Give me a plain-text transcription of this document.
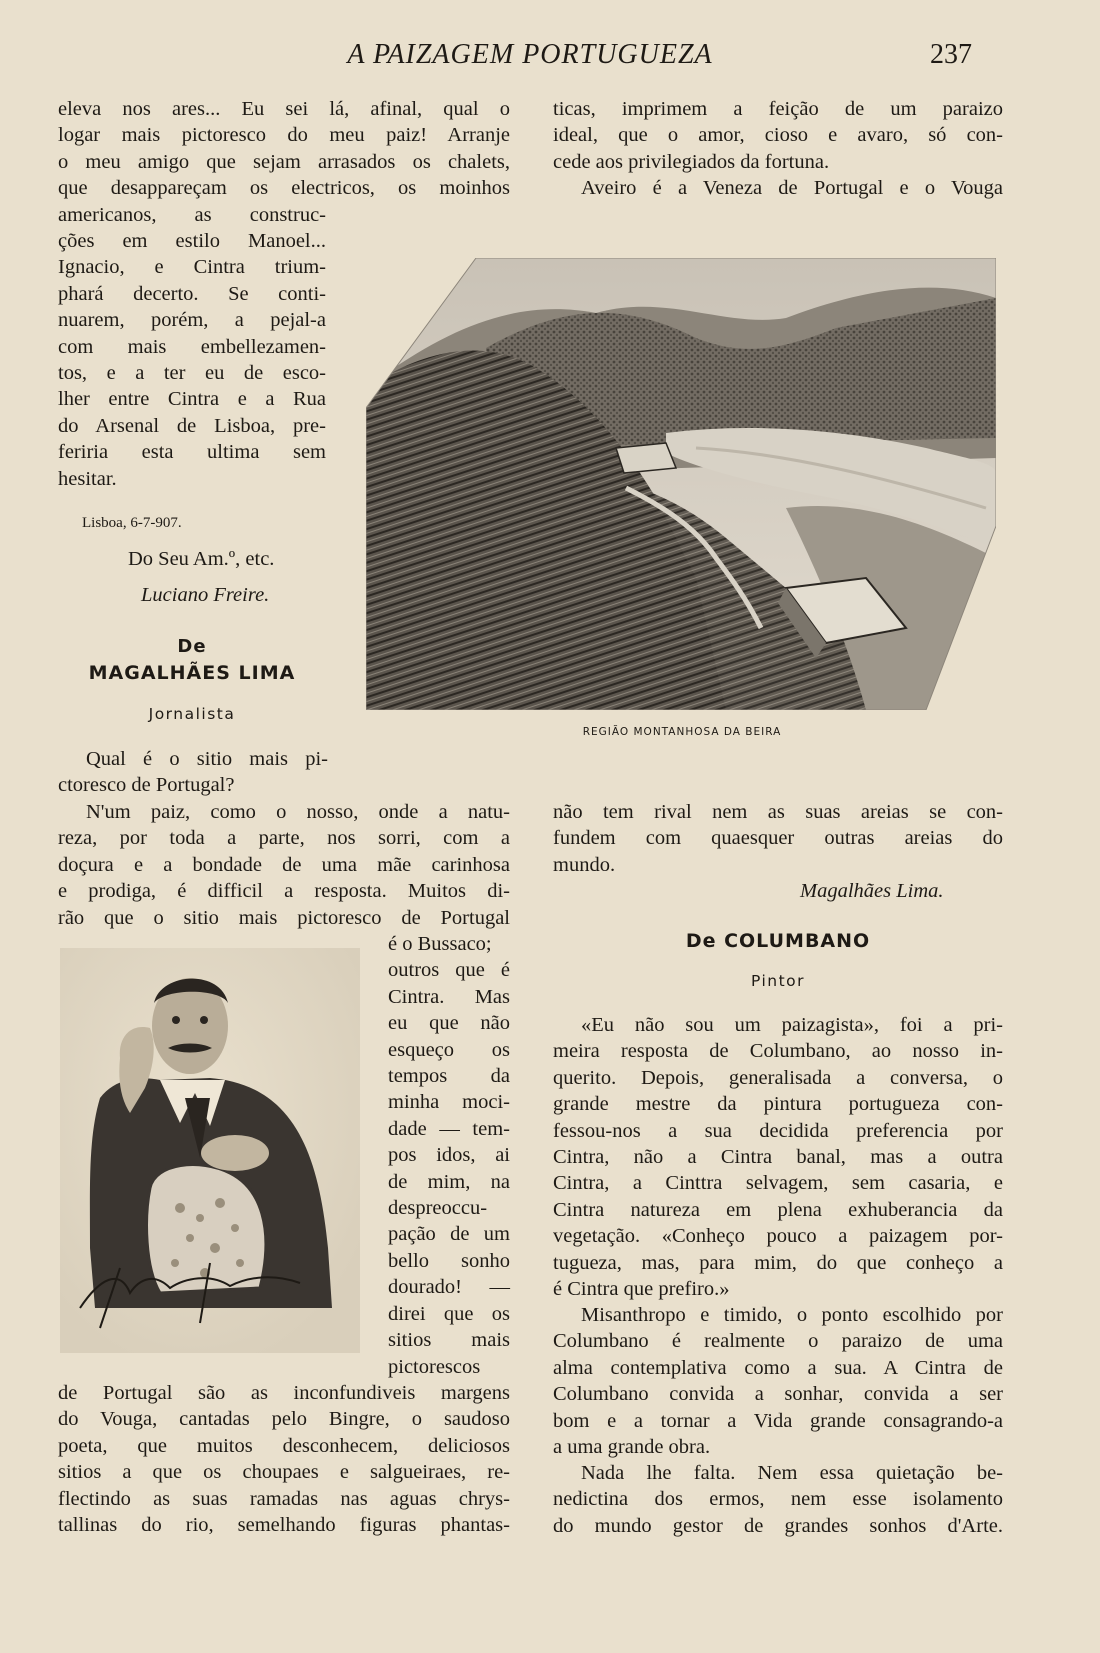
A PAIZAGEM PORTUGUEZA	237
eleva nos ares... Eu sei lá, afinal, qual o
logar mais pictoresco do meu paiz! Arranje
o meu amigo que sejam arrasados os chalets,
que desappareçam os electricos, os moinhos
americanos, as construc-
ções em estilo Manoel...
Ignacio, e Cintra trium-
phará decerto. Se conti-
nuarem, porém, a pejal-a
com mais embellezamen-
tos, e a ter eu de esco-
lher entre Cintra e a Rua
do Arsenal de Lisboa, pre-
feriria esta ultima sem
hesitar.
Lisboa, 6-7-907.
Do Seu Am.º, etc.
Luciano Freire.
De
MAGALHÃES LIMA
Jornalista
Qual é o sitio mais pi-
ctoresco de Portugal?
N'um paiz, como o nosso, onde a natu-
reza, por toda a parte, nos sorri, com a
doçura e a bondade de uma mãe carinhosa
e prodiga, é difficil a resposta. Muitos di-
rão que o sitio mais pictoresco de Portugal
é o Bussaco;
outros que é
Cintra. Mas
eu que não
esqueço os
tempos da
minha moci-
dade — tem-
pos idos, ai
de mim, na
despreoccu-
pação de um
bello sonho
dourado! —
direi que os
sitios mais
pictorescos
de Portugal são as inconfundiveis margens
do Vouga, cantadas pelo Bingre, o saudoso
poeta, que muitos desconhecem, deliciosos
sitios a que os choupaes e salgueiraes, re-
flectindo as suas ramadas nas aguas chrys-
tallinas do rio, semelhando figuras phantas-
ticas, imprimem a feição de um paraizo
ideal, que o amor, cioso e avaro, só con-
cede aos privilegiados da fortuna.
Aveiro é a Veneza de Portugal e o Vouga
REGIÃO MONTANHOSA DA BEIRA
não tem rival nem as suas areias se con-
fundem com quaesquer outras areias do
mundo.
Magalhães Lima.
De COLUMBANO
Pintor
«Eu não sou um paizagista», foi a pri-
meira resposta de Columbano, ao nosso in-
querito. Depois, generalisada a conversa, o
grande mestre da pintura portugueza con-
fessou-nos a sua decidida preferencia por
Cintra, não a Cintra banal, mas a outra
Cintra, a Cinttra selvagem, sem casaria, e
Cintra natureza em plena exhuberancia da
vegetação. «Conheço pouco a paizagem por-
tugueza, mas, para mim, do que conheço a
é Cintra que prefiro.»
Misanthropo e timido, o ponto escolhido por
Columbano é realmente o paraizo de uma
alma contemplativa como a sua. A Cintra de
Columbano convida a sonhar, convida a ser
bom e a tornar a Vida grande consagrando-a
a uma grande obra.
Nada lhe falta. Nem essa quietação be-
nedictina dos ermos, nem esse isolamento
do mundo gestor de grandes sonhos d'Arte.
